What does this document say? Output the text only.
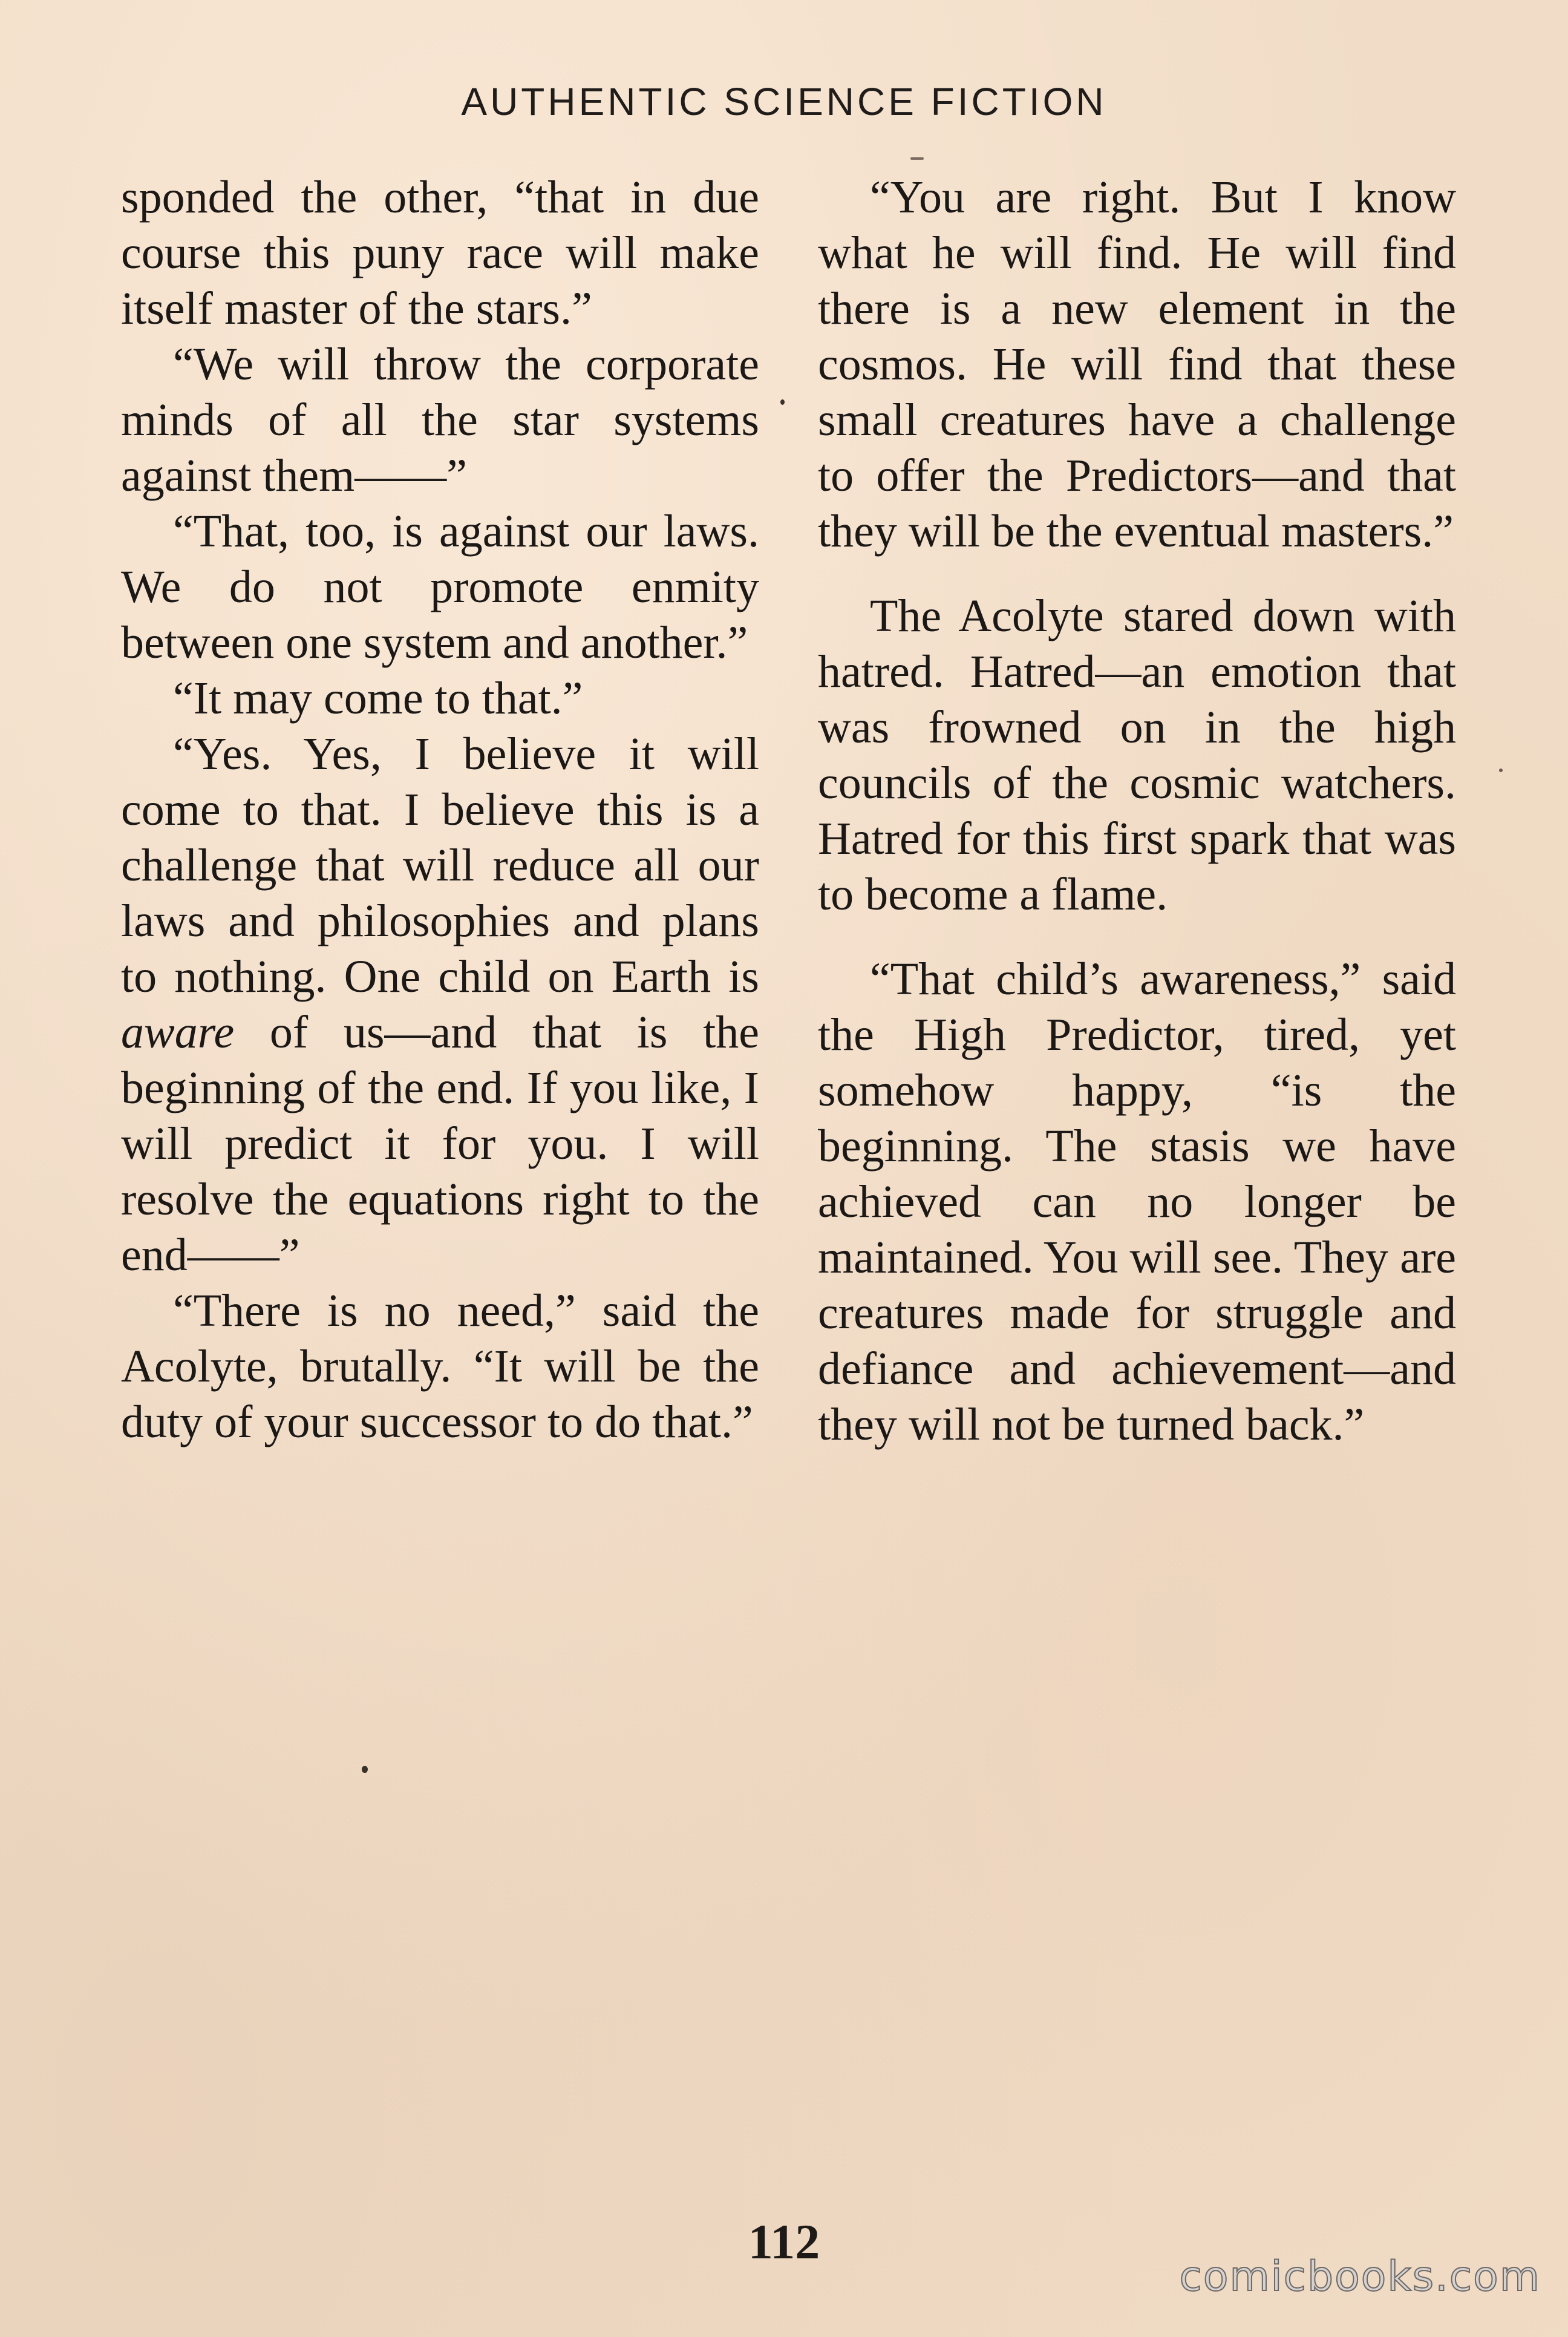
AUTHENTIC SCIENCE FICTION

sponded the other, “that in due course this puny race will make itself master of the stars.”

“We will throw the corporate minds of all the star systems against them——”

“That, too, is against our laws. We do not promote enmity between one system and another.”

“It may come to that.”

“Yes. Yes, I believe it will come to that. I believe this is a challenge that will reduce all our laws and philosophies and plans to nothing. One child on Earth is aware of us—and that is the beginning of the end. If you like, I will predict it for you. I will resolve the equations right to the end——”

“There is no need,” said the Acolyte, brutally. “It will be the duty of your successor to do that.”

“You are right. But I know what he will find. He will find there is a new element in the cosmos. He will find that these small creatures have a challenge to offer the Predictors—and that they will be the eventual masters.”

The Acolyte stared down with hatred. Hatred—an emotion that was frowned on in the high councils of the cosmic watchers. Hatred for this first spark that was to become a flame.

“That child’s awareness,” said the High Predictor, tired, yet somehow happy, “is the beginning. The stasis we have achieved can no longer be maintained. You will see. They are creatures made for struggle and defiance and achievement—and they will not be turned back.”

112
comicbooks.com
